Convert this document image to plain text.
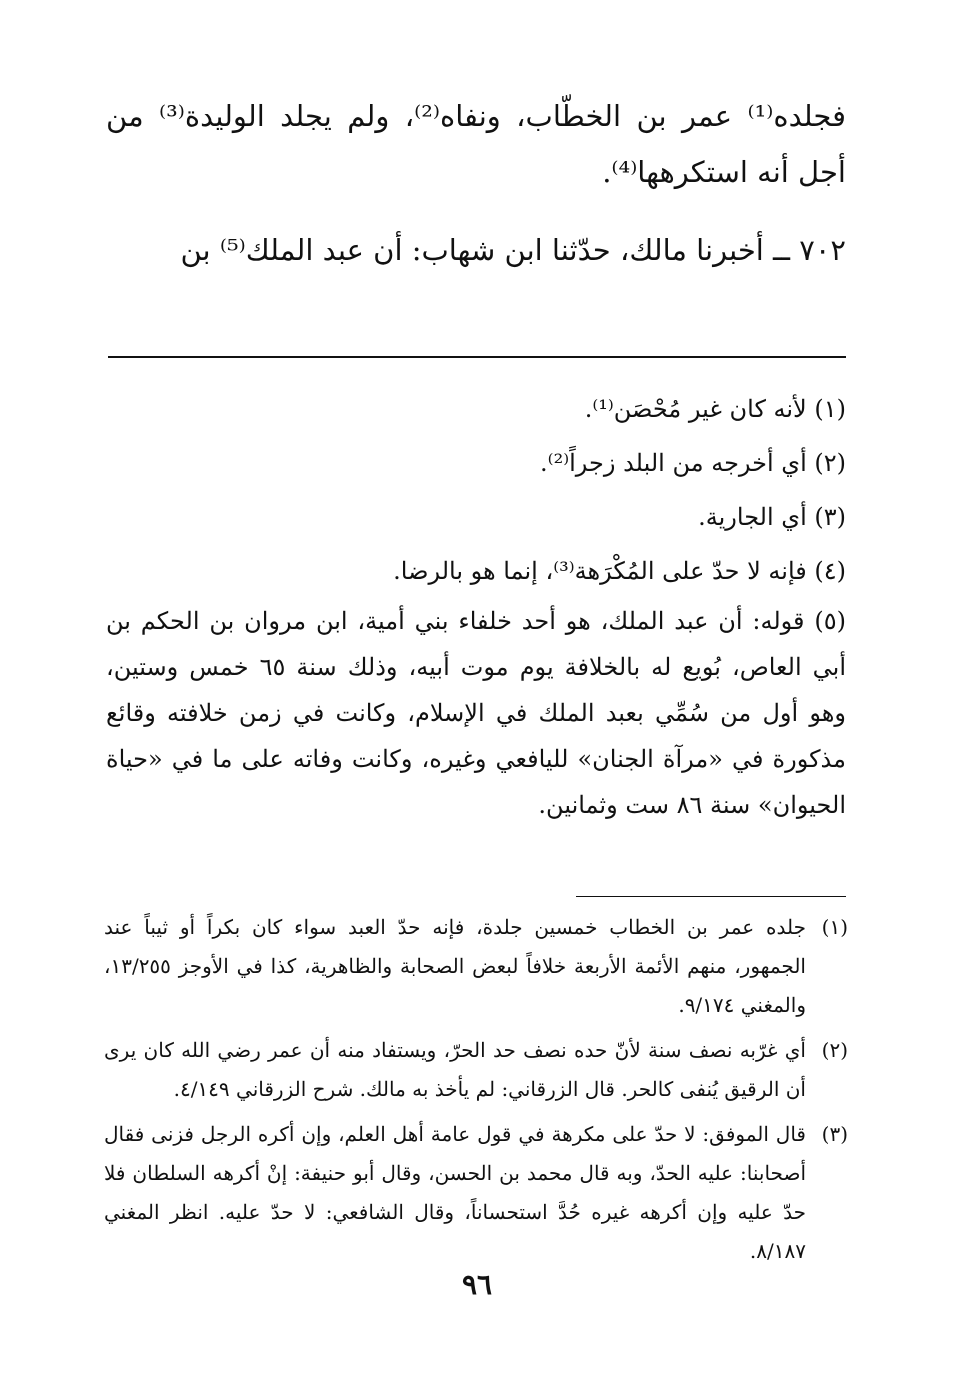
فجلده⁽¹⁾ عمر بن الخطّاب، ونفاه⁽²⁾، ولم يجلد الوليدة⁽³⁾ من أجل أنه استكرهها⁽⁴⁾.

٧٠٢ ــ أخبرنا مالك، حدّثنا ابن شهاب: أن عبد الملك⁽⁵⁾ بن

(١) لأنه كان غير مُحْصَن⁽¹⁾.

(٢) أي أخرجه من البلد زجراً⁽²⁾.

(٣) أي الجارية.

(٤) فإنه لا حدّ على المُكْرَهة⁽³⁾، إنما هو بالرضا.

(٥) قوله: أن عبد الملك، هو أحد خلفاء بني أمية، ابن مروان بن الحكم بن أبي العاص، بُويع له بالخلافة يوم موت أبيه، وذلك سنة ٦٥ خمس وستين، وهو أول من سُمِّي بعبد الملك في الإسلام، وكانت في زمن خلافته وقائع مذكورة في «مرآة الجنان» لليافعي وغيره، وكانت وفاته على ما في «حياة الحيوان» سنة ٨٦ ست وثمانين.

(١)
جلده عمر بن الخطاب خمسين جلدة، فإنه حدّ العبد سواء كان بكراً أو ثيباً عند الجمهور، منهم الأئمة الأربعة خلافاً لبعض الصحابة والظاهرية، كذا في الأوجز ١٣/٢٥٥، والمغني ٩/١٧٤.

(٢)
أي غرّبه نصف سنة لأنّ حده نصف حد الحرّ، ويستفاد منه أن عمر رضي الله كان يرى أن الرقيق يُنفى كالحر. قال الزرقاني: لم يأخذ به مالك. شرح الزرقاني ٤/١٤٩.

(٣)
قال الموفق: لا حدّ على مكرهة في قول عامة أهل العلم، وإن أكره الرجل فزنى فقال أصحابنا: عليه الحدّ، وبه قال محمد بن الحسن، وقال أبو حنيفة: إنْ أكرهه السلطان فلا حدّ عليه وإن أكرهه غيره حُدَّ استحساناً، وقال الشافعي: لا حدّ عليه. انظر المغني ٨/١٨٧.

٩٦
